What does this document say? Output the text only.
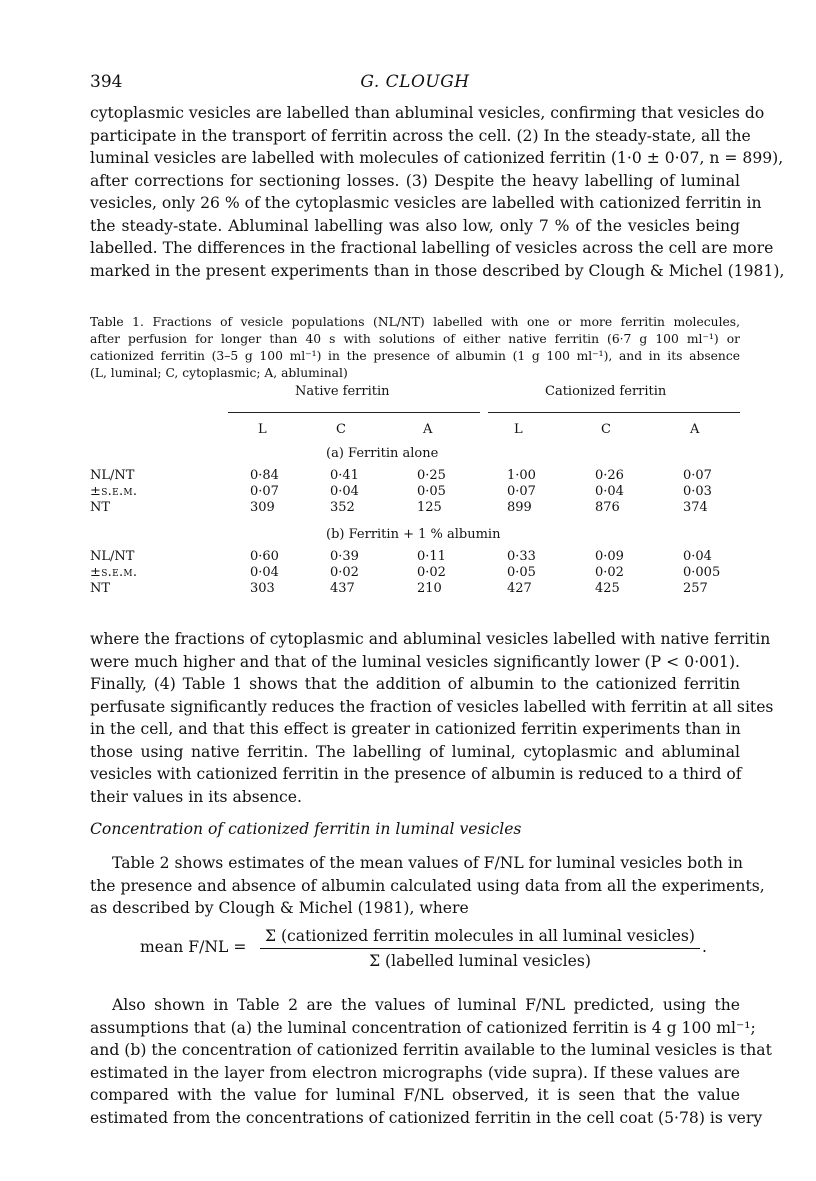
394	G. CLOUGH
cytoplasmic vesicles are labelled than abluminal vesicles, confirming that vesicles do
participate in the transport of ferritin across the cell. (2) In the steady-state, all the
luminal vesicles are labelled with molecules of cationized ferritin (1·0 ± 0·07, n = 899),
after corrections for sectioning losses. (3) Despite the heavy labelling of luminal
vesicles, only 26 % of the cytoplasmic vesicles are labelled with cationized ferritin in
the steady-state. Abluminal labelling was also low, only 7 % of the vesicles being
labelled. The differences in the fractional labelling of vesicles across the cell are more
marked in the present experiments than in those described by Clough & Michel (1981),
Table 1. Fractions of vesicle populations (NL/NT) labelled with one or more ferritin molecules,
after perfusion for longer than 40 s with solutions of either native ferritin (6·7 g 100 ml⁻¹) or
cationized ferritin (3–5 g 100 ml⁻¹) in the presence of albumin (1 g 100 ml⁻¹), and in its absence
(L, luminal; C, cytoplasmic; A, abluminal)
Native ferritin	Cationized ferritin
L	C	A	L	C	A
(a) Ferritin alone
NL/NT	0·84	0·41	0·25	1·00	0·26	0·07
±s.e.m.	0·07	0·04	0·05	0·07	0·04	0·03
NT	309	352	125	899	876	374
(b) Ferritin + 1 % albumin
NL/NT	0·60	0·39	0·11	0·33	0·09	0·04
±s.e.m.	0·04	0·02	0·02	0·05	0·02	0·005
NT	303	437	210	427	425	257
where the fractions of cytoplasmic and abluminal vesicles labelled with native ferritin
were much higher and that of the luminal vesicles significantly lower (P < 0·001).
Finally, (4) Table 1 shows that the addition of albumin to the cationized ferritin
perfusate significantly reduces the fraction of vesicles labelled with ferritin at all sites
in the cell, and that this effect is greater in cationized ferritin experiments than in
those using native ferritin. The labelling of luminal, cytoplasmic and abluminal
vesicles with cationized ferritin in the presence of albumin is reduced to a third of
their values in its absence.
Concentration of cationized ferritin in luminal vesicles
Table 2 shows estimates of the mean values of F/NL for luminal vesicles both in
the presence and absence of albumin calculated using data from all the experiments,
as described by Clough & Michel (1981), where
mean F/NL =
Σ (cationized ferritin molecules in all luminal vesicles)
Σ (labelled luminal vesicles)
.
Also shown in Table 2 are the values of luminal F/NL predicted, using the
assumptions that (a) the luminal concentration of cationized ferritin is 4 g 100 ml⁻¹;
and (b) the concentration of cationized ferritin available to the luminal vesicles is that
estimated in the layer from electron micrographs (vide supra). If these values are
compared with the value for luminal F/NL observed, it is seen that the value
estimated from the concentrations of cationized ferritin in the cell coat (5·78) is very
